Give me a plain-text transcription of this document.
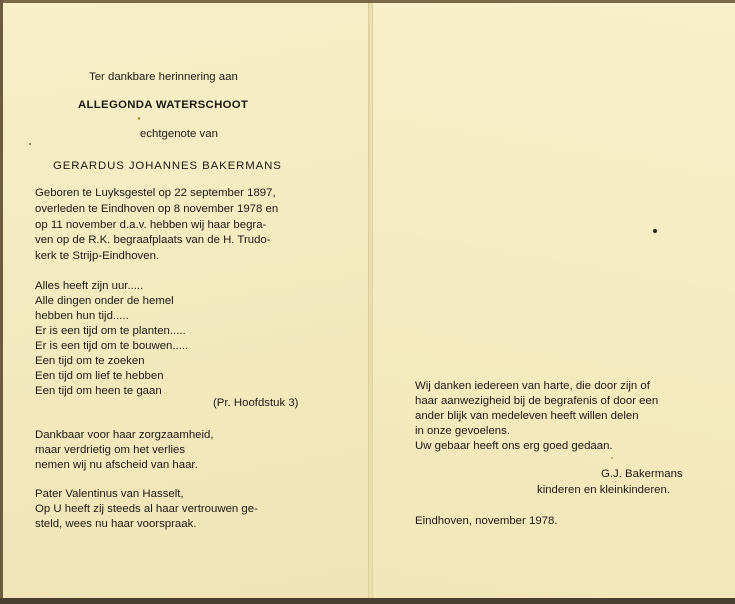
Ter dankbare herinnering aan
ALLEGONDA WATERSCHOOT
echtgenote van
GERARDUS JOHANNES BAKERMANS
Geboren te Luyksgestel op 22 september 1897,
overleden te Eindhoven op 8 november 1978 en
op 11 november d.a.v. hebben wij haar begra-
ven op de R.K. begraafplaats van de H. Trudo-
kerk te Strijp-Eindhoven.
Alles heeft zijn uur.....
Alle dingen onder de hemel
hebben hun tijd.....
Er is een tijd om te planten.....
Er is een tijd om te bouwen.....
Een tijd om te zoeken
Een tijd om lief te hebben
Een tijd om heen te gaan
(Pr. Hoofdstuk 3)
Dankbaar voor haar zorgzaamheid,
maar verdrietig om het verlies
nemen wij nu afscheid van haar.
Pater Valentinus van Hasselt,
Op U heeft zij steeds al haar vertrouwen ge-
steld, wees nu haar voorspraak.
Wij danken iedereen van harte, die door zijn of
haar aanwezigheid bij de begrafenis of door een
ander blijk van medeleven heeft willen delen
in onze gevoelens.
Uw gebaar heeft ons erg goed gedaan.
G.J. Bakermans
kinderen en kleinkinderen.
Eindhoven, november 1978.
